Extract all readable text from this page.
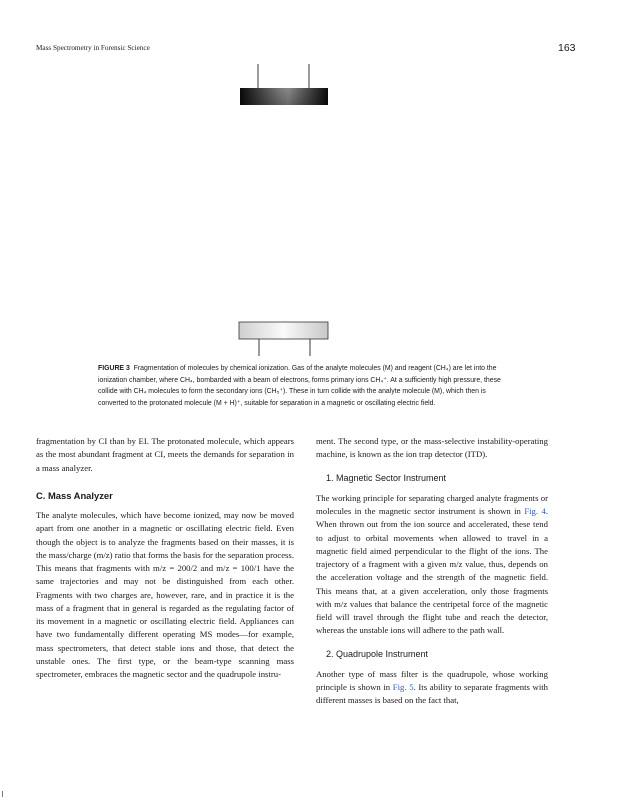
Mass Spectrometry in Forensic Science	163
FIGURE 3 Fragmentation of molecules by chemical ionization. Gas of the analyte molecules (M) and reagent (CH₄) are let into the ionization chamber, where CH₄, bombarded with a beam of electrons, forms primary ions CH₄⁺. At a sufficiently high pressure, these collide with CH₄ molecules to form the secondary ions (CH₅⁺). These in turn collide with the analyte molecule (M), which then is converted to the protonated molecule (M + H)⁺, suitable for separation in a magnetic or oscillating electric field.

fragmentation by CI than by EI. The protonated molecule, which appears as the most abundant fragment at CI, meets the demands for separation in a mass analyzer.

C. Mass Analyzer

The analyte molecules, which have become ionized, may now be moved apart from one another in a magnetic or oscillating electric field. Even though the object is to analyze the fragments based on their masses, it is the mass/charge (m/z) ratio that forms the basis for the separation process. This means that fragments with m/z = 200/2 and m/z = 100/1 have the same trajectories and may not be distinguished from each other. Fragments with two charges are, however, rare, and in practice it is the mass of a fragment that in general is regarded as the regulating factor of its movement in a magnetic or oscillating electric field. Appliances can have two fundamentally different operating MS modes—for example, mass spectrometers, that detect stable ions and those, that detect the unstable ones. The first type, or the beam-type scanning mass spectrometer, embraces the magnetic sector and the quadrupole instru-

ment. The second type, or the mass-selective instability-operating machine, is known as the ion trap detector (ITD).

1. Magnetic Sector Instrument

The working principle for separating charged analyte fragments or molecules in the magnetic sector instrument is shown in Fig. 4. When thrown out from the ion source and accelerated, these tend to adjust to orbital movements when allowed to travel in a magnetic field aimed perpendicular to the flight of the ions. The trajectory of a fragment with a given m/z value, thus, depends on the acceleration voltage and the strength of the magnetic field. This means that, at a given acceleration, only those fragments with m/z values that balance the centripetal force of the magnetic field will travel through the flight tube and reach the detector, whereas the unstable ions will adhere to the path wall.

2. Quadrupole Instrument

Another type of mass filter is the quadrupole, whose working principle is shown in Fig. 5. Its ability to separate fragments with different masses is based on the fact that,
